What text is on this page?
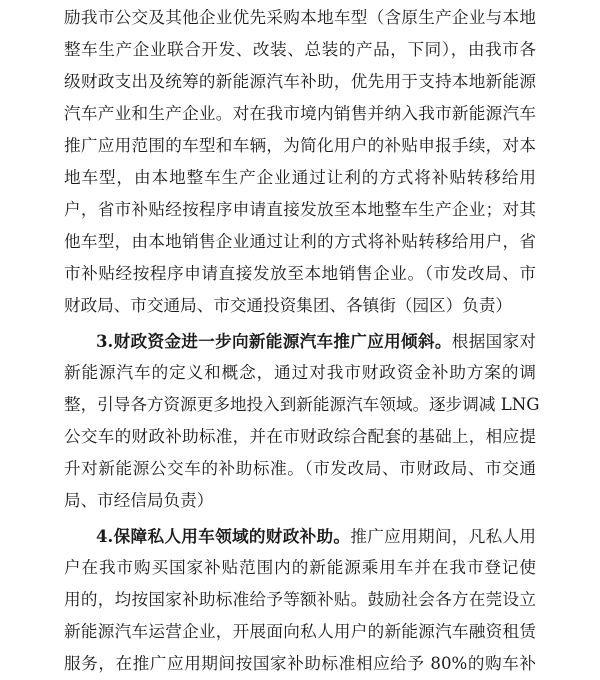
励我市公交及其他企业优先采购本地车型（含原生产企业与本地
整车生产企业联合开发、改装、总装的产品，下同），由我市各
级财政支出及统筹的新能源汽车补助，优先用于支持本地新能源
汽车产业和生产企业。对在我市境内销售并纳入我市新能源汽车
推广应用范围的车型和车辆，为简化用户的补贴申报手续，对本
地车型，由本地整车生产企业通过让利的方式将补贴转移给用
户，省市补贴经按程序申请直接发放至本地整车生产企业；对其
他车型，由本地销售企业通过让利的方式将补贴转移给用户，省
市补贴经按程序申请直接发放至本地销售企业。（市发改局、市
财政局、市交通局、市交通投资集团、各镇街（园区）负责）
3.财政资金进一步向新能源汽车推广应用倾斜。根据国家对
新能源汽车的定义和概念，通过对我市财政资金补助方案的调
整，引导各方资源更多地投入到新能源汽车领域。逐步调减 LNG
公交车的财政补助标准，并在市财政综合配套的基础上，相应提
升对新能源公交车的补助标准。（市发改局、市财政局、市交通
局、市经信局负责）
4.保障私人用车领域的财政补助。推广应用期间，凡私人用
户在我市购买国家补贴范围内的新能源乘用车并在我市登记使
用的，均按国家补助标准给予等额补贴。鼓励社会各方在莞设立
新能源汽车运营企业，开展面向私人用户的新能源汽车融资租赁
服务，在推广应用期间按国家补助标准相应给予 80%的购车补
